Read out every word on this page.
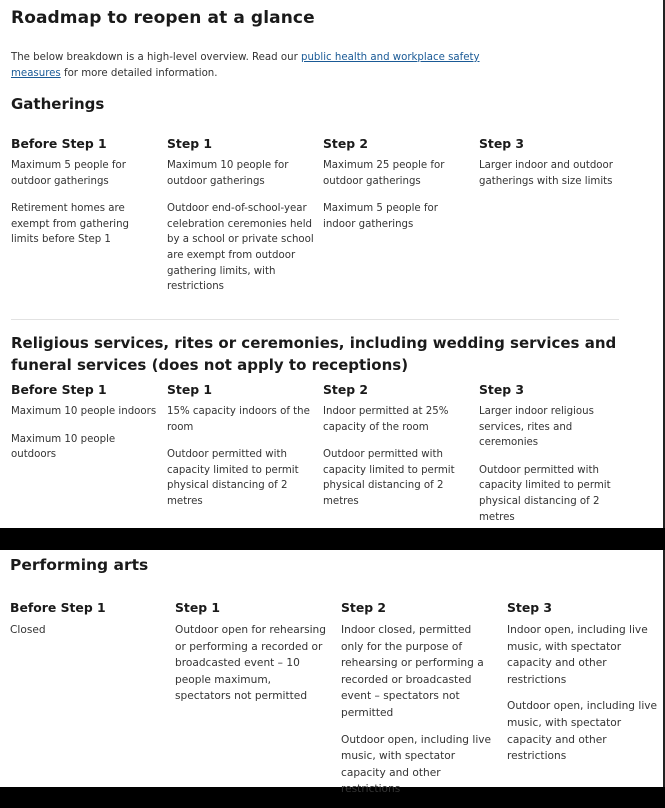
Roadmap to reopen at a glance
The below breakdown is a high-level overview. Read our public health and workplace safety measures for more detailed information.
Gatherings
Before Step 1

Maximum 5 people for outdoor gatherings

Retirement homes are exempt from gathering limits before Step 1

Step 1

Maximum 10 people for outdoor gatherings

Outdoor end-of-school-year celebration ceremonies held by a school or private school are exempt from outdoor gathering limits, with restrictions

Step 2

Maximum 25 people for outdoor gatherings

Maximum 5 people for indoor gatherings

Step 3

Larger indoor and outdoor gatherings with size limits

Religious services, rites or ceremonies, including wedding services and funeral services (does not apply to receptions)
Before Step 1

Maximum 10 people indoors

Maximum 10 people outdoors

Step 1

15% capacity indoors of the room

Outdoor permitted with capacity limited to permit physical distancing of 2 metres

Step 2

Indoor permitted at 25% capacity of the room

Outdoor permitted with capacity limited to permit physical distancing of 2 metres

Step 3

Larger indoor religious services, rites and ceremonies

Outdoor permitted with capacity limited to permit physical distancing of 2 metres

Performing arts
Before Step 1

Closed

Step 1

Outdoor open for rehearsing or performing a recorded or broadcasted event – 10 people maximum, spectators not permitted

Step 2

Indoor closed, permitted only for the purpose of rehearsing or performing a recorded or broadcasted event – spectators not permitted

Outdoor open, including live music, with spectator capacity and other restrictions

Step 3

Indoor open, including live music, with spectator capacity and other restrictions

Outdoor open, including live music, with spectator capacity and other restrictions
